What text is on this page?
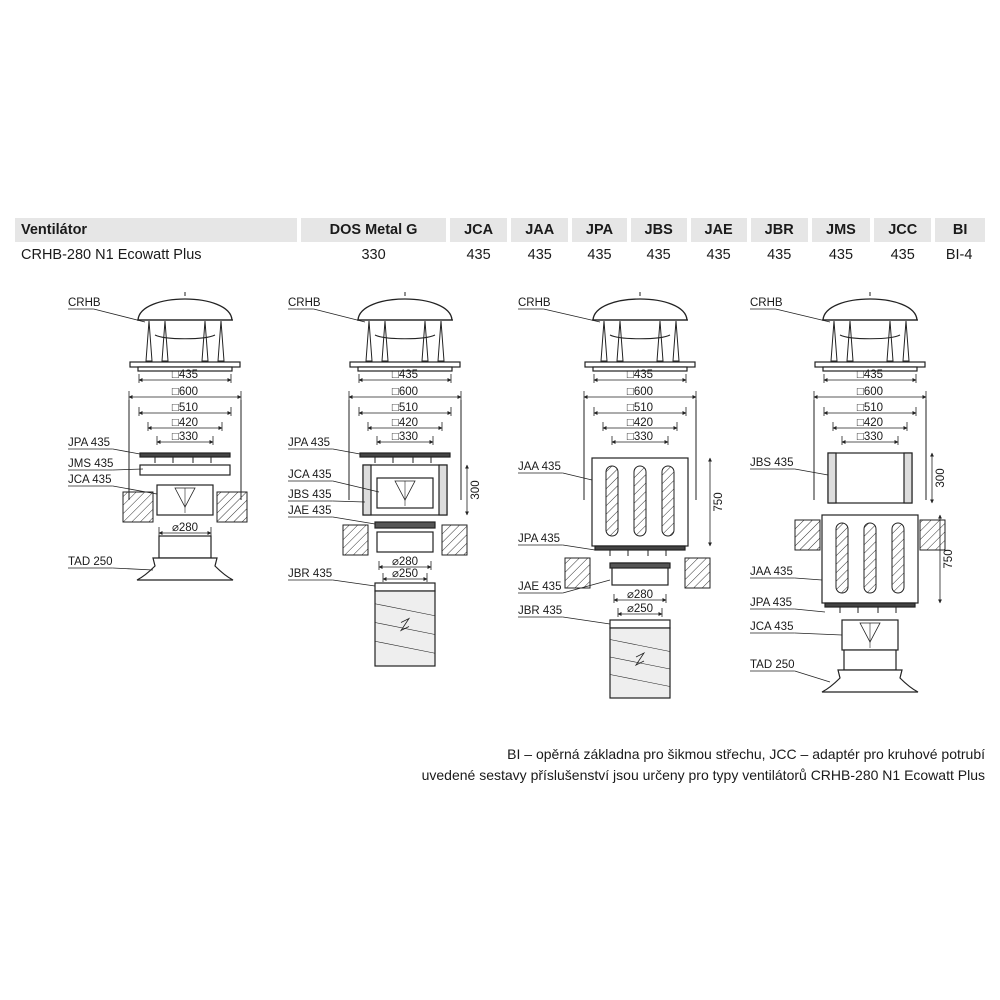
Ventilátor	DOS Metal G	JCA	JAA	JPA	JBS	JAE	JBR	JMS	JCC	BI
CRHB-280 N1 Ecowatt Plus	330	435	435	435	435	435	435	435	435	BI-4
□435
□600
□510
□420
□330
⌀280
CRHB
JPA 435
JMS 435
JCA 435
TAD 250
□435
□600
□510
□420
□330
300
⌀280
⌀250
CRHB
JPA 435
JCA 435
JBS 435
JAE 435
JBR 435
□435
□600
□510
□420
□330
750
⌀280
⌀250
CRHB
JAA 435
JPA 435
JAE 435
JBR 435
□435
□600
□510
□420
□330
300
750
CRHB
JBS 435
JAA 435
JPA 435
JCA 435
TAD 250
BI – opěrná základna pro šikmou střechu, JCC – adaptér pro kruhové potrubí
uvedené sestavy příslušenství jsou určeny pro typy ventilátorů CRHB-280 N1 Ecowatt Plus
